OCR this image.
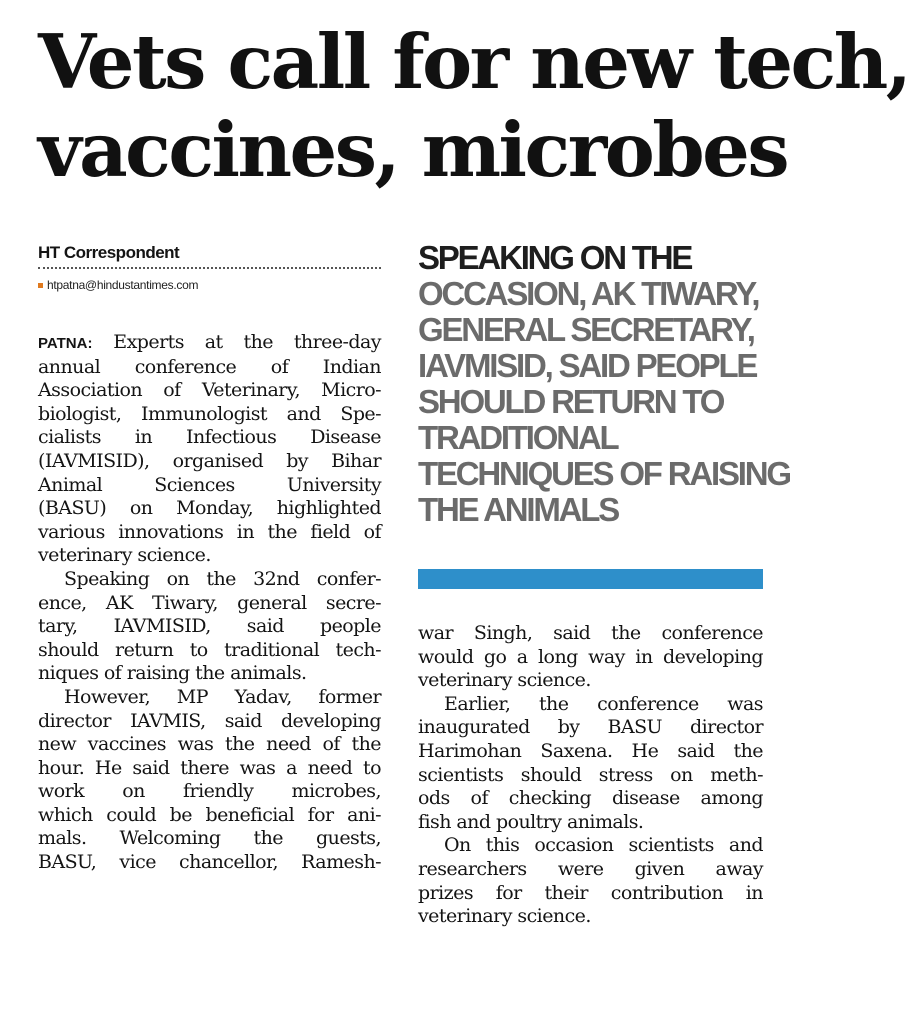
Vets call for new tech,
vaccines, microbes
HT Correspondent
htpatna@hindustantimes.com
PATNA: Experts at the three-day
annual conference of Indian
Association of Veterinary, Micro-
biologist, Immunologist and Spe-
cialists in Infectious Disease
(IAVMISID), organised by Bihar
Animal Sciences University
(BASU) on Monday, highlighted
various innovations in the field of
veterinary science.
Speaking on the 32nd confer-
ence, AK Tiwary, general secre-
tary, IAVMISID, said people
should return to traditional tech-
niques of raising the animals.
However, MP Yadav, former
director IAVMIS, said developing
new vaccines was the need of the
hour. He said there was a need to
work on friendly microbes,
which could be beneficial for ani-
mals. Welcoming the guests,
BASU, vice chancellor, Ramesh-
SPEAKING ON THE
OCCASION, AK TIWARY,
GENERAL SECRETARY,
IAVMISID, SAID PEOPLE
SHOULD RETURN TO
TRADITIONAL
TECHNIQUES OF RAISING
THE ANIMALS
war Singh, said the conference
would go a long way in developing
veterinary science.
Earlier, the conference was
inaugurated by BASU director
Harimohan Saxena. He said the
scientists should stress on meth-
ods of checking disease among
fish and poultry animals.
On this occasion scientists and
researchers were given away
prizes for their contribution in
veterinary science.
